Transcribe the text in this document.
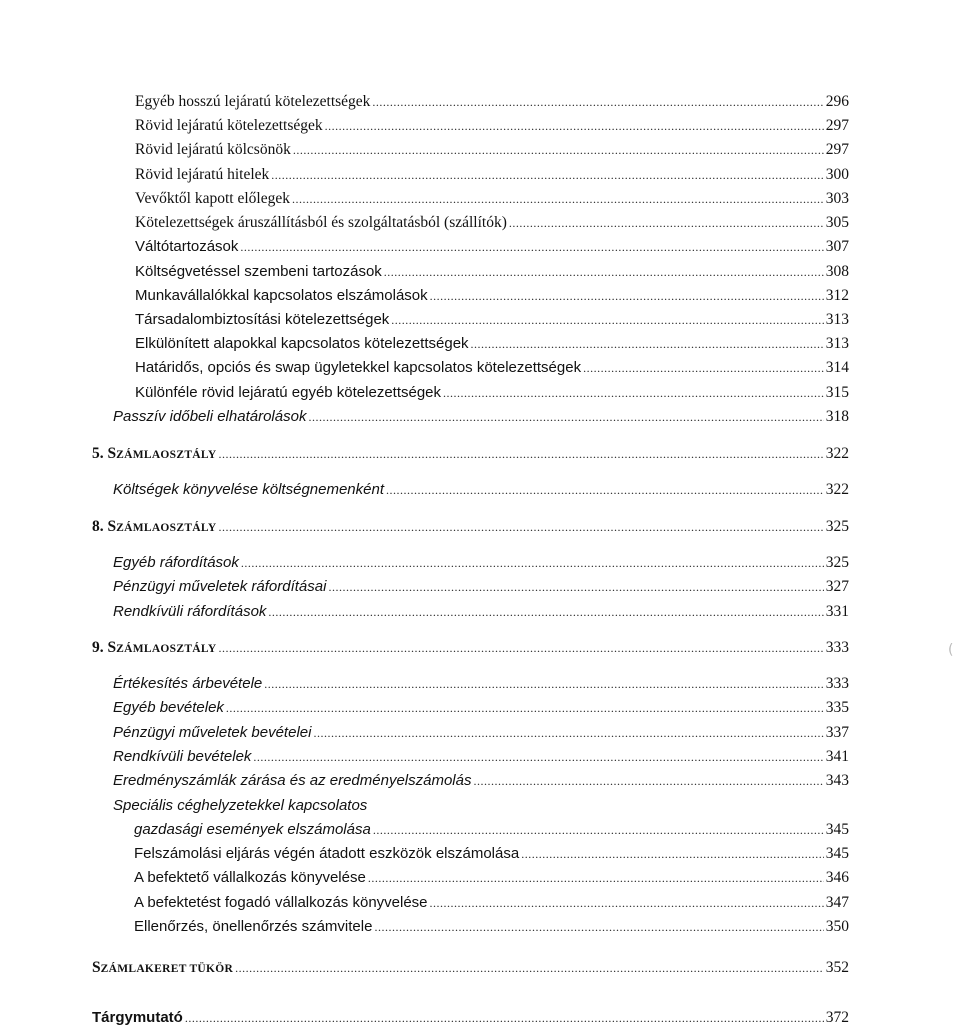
Egyéb hosszú lejáratú kötelezettségek .....	296
Rövid lejáratú kötelezettségek .....	297
Rövid lejáratú kölcsönök .....	297
Rövid lejáratú hitelek .....	300
Vevőktől kapott előlegek .....	303
Kötelezettségek áruszállításból és szolgáltatásból (szállítók) .....	305
Váltótartozások .....	307
Költségvetéssel szembeni tartozások .....	308
Munkavállalókkal kapcsolatos elszámolások .....	312
Társadalombiztosítási kötelezettségek .....	313
Elkülönített alapokkal kapcsolatos kötelezettségek .....	313
Határidős, opciós és swap ügyletekkel kapcsolatos kötelezettségek .....	314
Különféle rövid lejáratú egyéb kötelezettségek .....	315
Passzív időbeli elhatárolások .....	318
5. SZÁMLAOSZTÁLY .....	322
Költségek könyvelése költségnemenként .....	322
8. SZÁMLAOSZTÁLY .....	325
Egyéb ráfordítások .....	325
Pénzügyi műveletek ráfordításai .....	327
Rendkívüli ráfordítások .....	331
9. SZÁMLAOSZTÁLY .....	333
Értékesítés árbevétele .....	333
Egyéb bevételek .....	335
Pénzügyi műveletek bevételei .....	337
Rendkívüli bevételek .....	341
Eredményszámlák zárása és az eredményelszámolás .....	343
Speciális céghelyzetekkel kapcsolatos
gazdasági események elszámolása .....	345
Felszámolási eljárás végén átadott eszközök elszámolása .....	345
A befektető vállalkozás könyvelése .....	346
A befektetést fogadó vállalkozás könyvelése .....	347
Ellenőrzés, önellenőrzés számvitele .....	350
SZÁMLAKERET TÜKÖR .....	352
Tárgymutató .....	372
(
